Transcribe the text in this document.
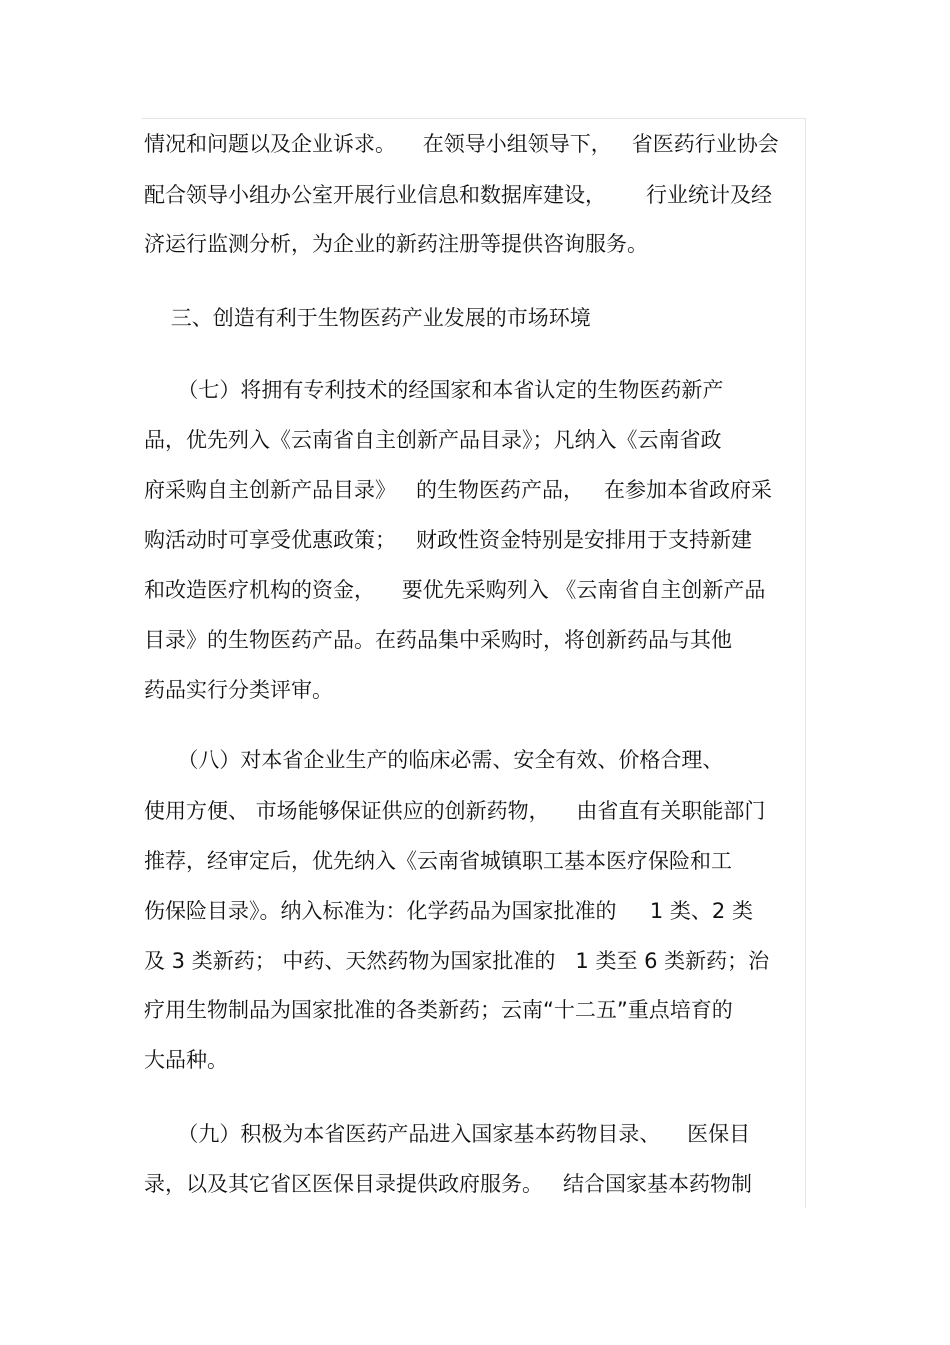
情况和问题以及企业诉求。    在领导小组领导下，   省医药行业协会
配合领导小组办公室开展行业信息和数据库建设，      行业统计及经
济运行监测分析，为企业的新药注册等提供咨询服务。
三、创造有利于生物医药产业发展的市场环境
（七）将拥有专利技术的经国家和本省认定的生物医药新产
品，优先列入《云南省自主创新产品目录》；凡纳入《云南省政
府采购自主创新产品目录》   的生物医药产品，   在参加本省政府采
购活动时可享受优惠政策；   财政性资金特别是安排用于支持新建
和改造医疗机构的资金，    要优先采购列入 《云南省自主创新产品
目录》的生物医药产品。在药品集中采购时，将创新药品与其他
药品实行分类评审。
（八）对本省企业生产的临床必需、安全有效、价格合理、
使用方便、 市场能够保证供应的创新药物，    由省直有关职能部门
推荐，经审定后，优先纳入《云南省城镇职工基本医疗保险和工
伤保险目录》。纳入标准为：化学药品为国家批准的     1 类、2 类
及 3 类新药； 中药、天然药物为国家批准的   1 类至 6 类新药；治
疗用生物制品为国家批准的各类新药；云南“十二五”重点培育的
大品种。
（九）积极为本省医药产品进入国家基本药物目录、    医保目
录，以及其它省区医保目录提供政府服务。   结合国家基本药物制
